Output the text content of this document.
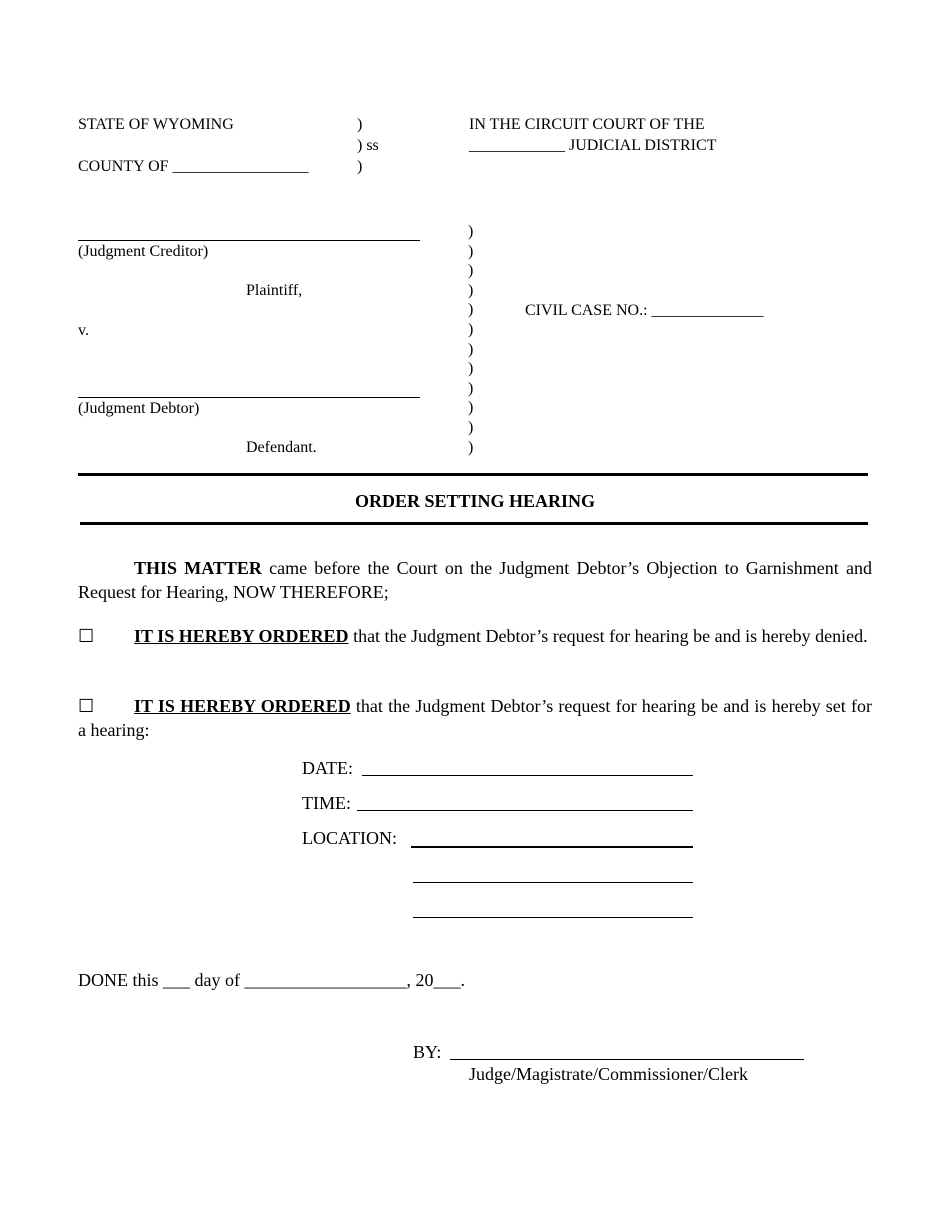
STATE OF WYOMING
COUNTY OF _________________
)
) ss
)
IN THE CIRCUIT COURT OF THE
____________ JUDICIAL DISTRICT
(Judgment Creditor)
Plaintiff,
v.
(Judgment Debtor)
Defendant.
)
)
)
)
)
)
)
)
)
)
)
)
CIVIL CASE NO.: ______________
ORDER SETTING HEARING
THIS MATTER came before the Court on the Judgment Debtor’s Objection to Garnishment and Request for Hearing, NOW THEREFORE;
☐ IT IS HEREBY ORDERED that the Judgment Debtor’s request for hearing be and is hereby denied.
☐ IT IS HEREBY ORDERED that the Judgment Debtor’s request for hearing be and is hereby set for a hearing:
DATE:
TIME:
LOCATION:
DONE this ___ day of __________________, 20___.
BY:
Judge/Magistrate/Commissioner/Clerk
